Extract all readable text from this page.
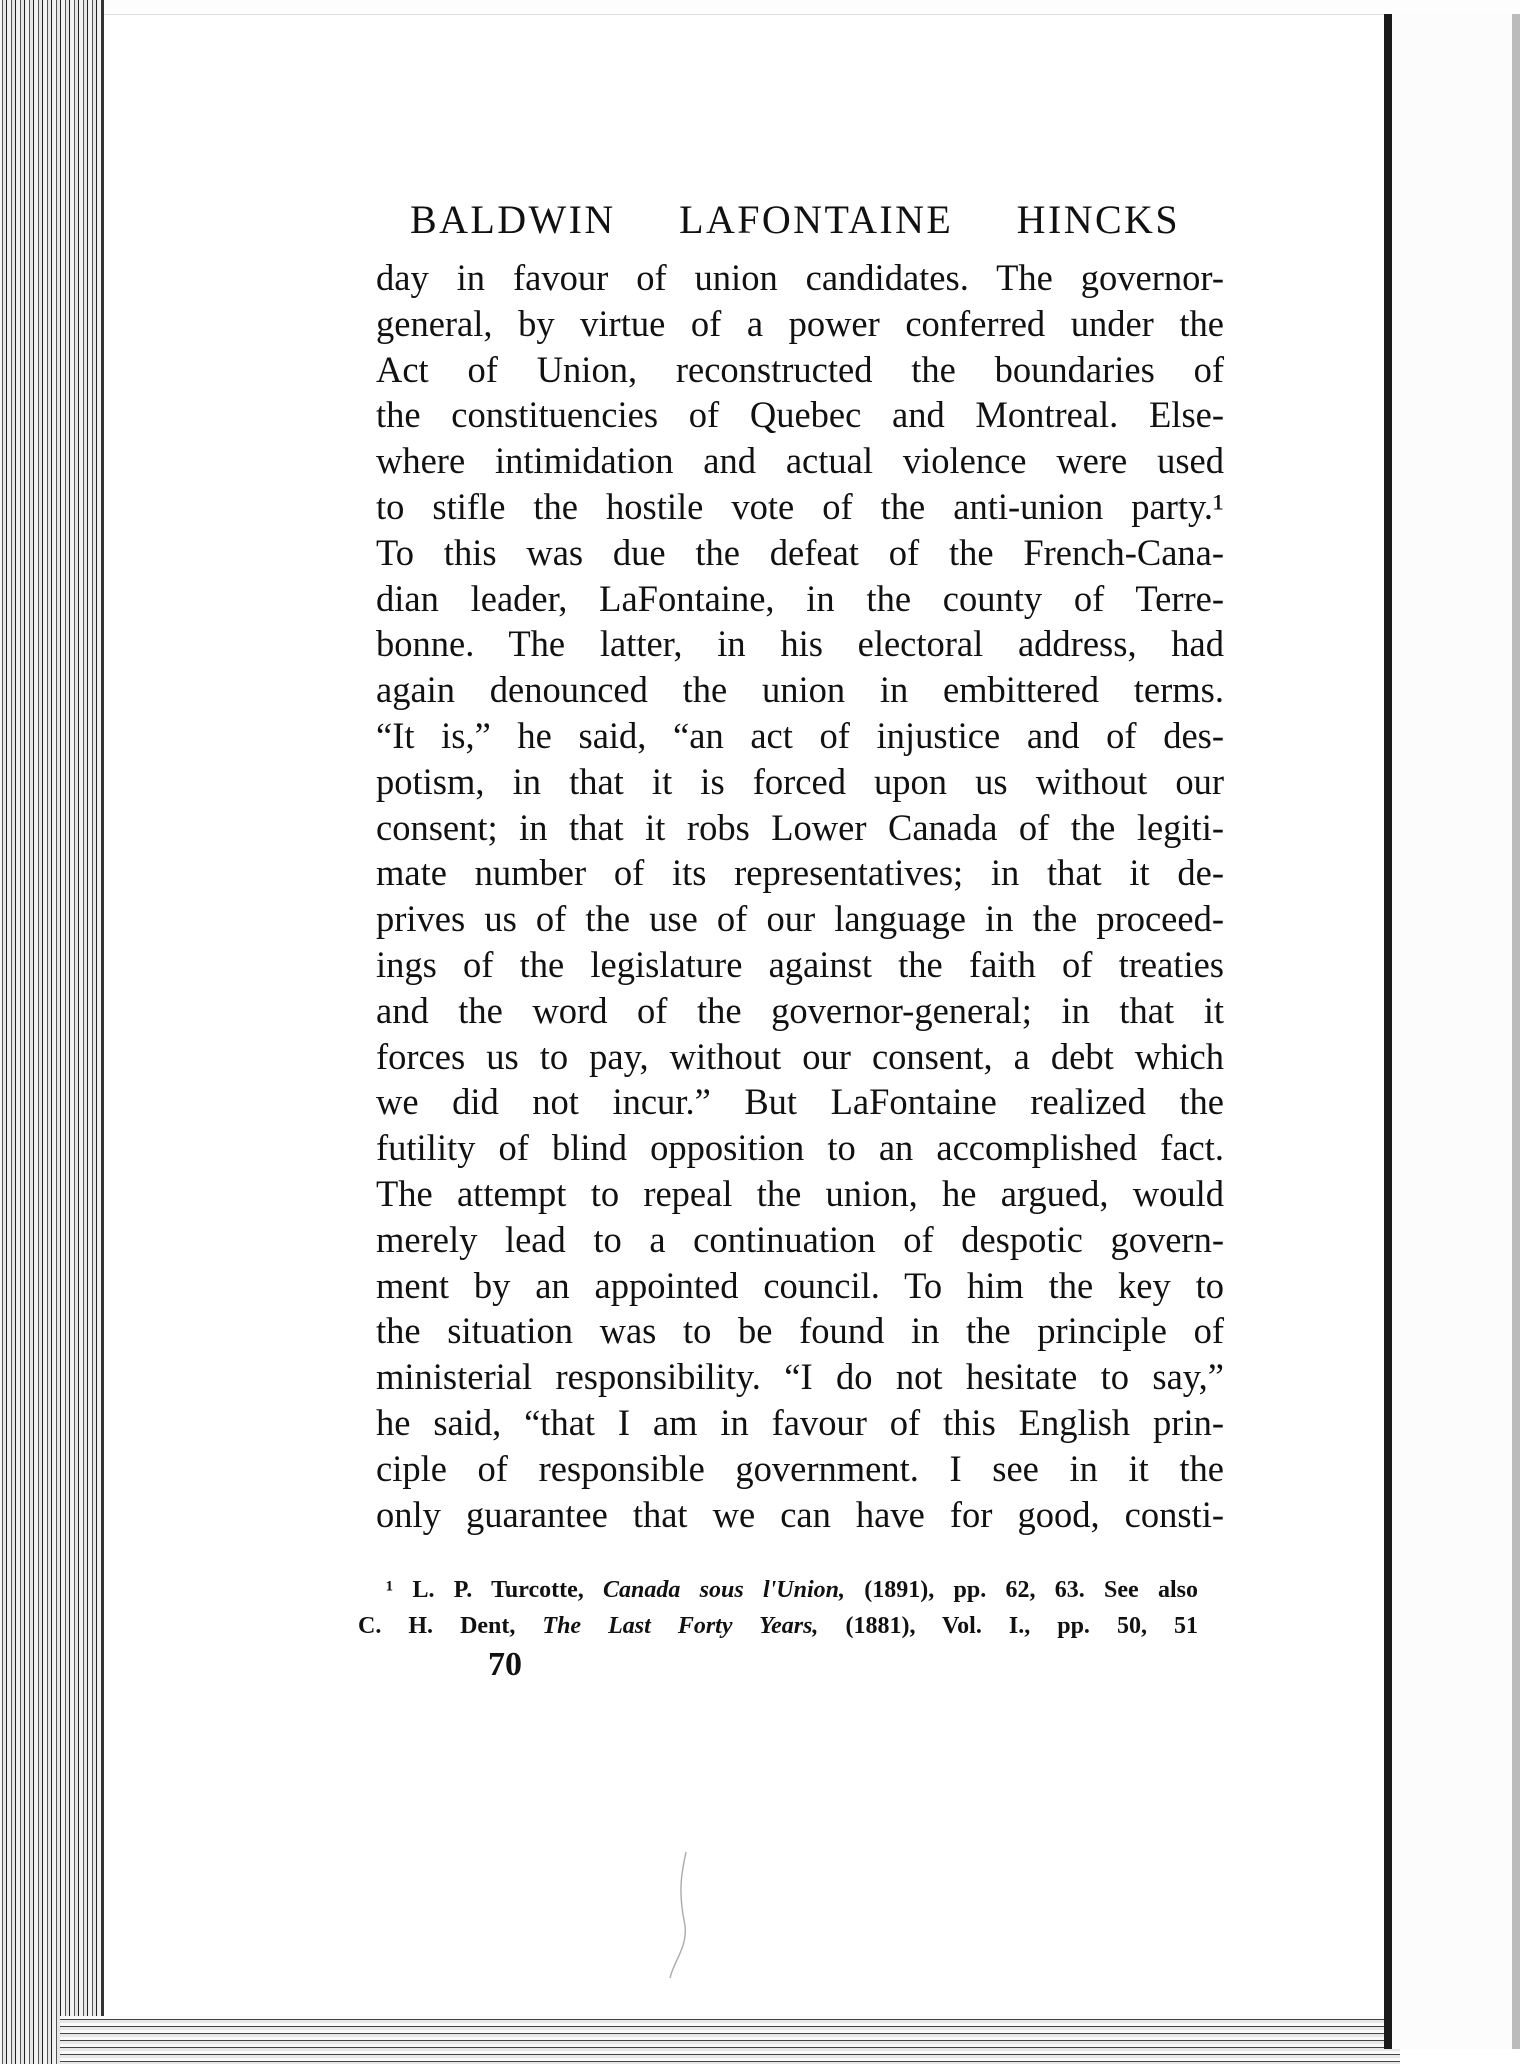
BALDWIN LAFONTAINE HINCKS
day in favour of union candidates. The governor-
general, by virtue of a power conferred under the
Act of Union, reconstructed the boundaries of
the constituencies of Quebec and Montreal. Else-
where intimidation and actual violence were used
to stifle the hostile vote of the anti-union party.¹
To this was due the defeat of the French-Cana-
dian leader, LaFontaine, in the county of Terre-
bonne. The latter, in his electoral address, had
again denounced the union in embittered terms.
“It is,” he said, “an act of injustice and of des-
potism, in that it is forced upon us without our
consent; in that it robs Lower Canada of the legiti-
mate number of its representatives; in that it de-
prives us of the use of our language in the proceed-
ings of the legislature against the faith of treaties
and the word of the governor-general; in that it
forces us to pay, without our consent, a debt which
we did not incur.” But LaFontaine realized the
futility of blind opposition to an accomplished fact.
The attempt to repeal the union, he argued, would
merely lead to a continuation of despotic govern-
ment by an appointed council. To him the key to
the situation was to be found in the principle of
ministerial responsibility. “I do not hesitate to say,”
he said, “that I am in favour of this English prin-
ciple of responsible government. I see in it the
only guarantee that we can have for good, consti-
¹ L. P. Turcotte, Canada sous l'Union, (1891), pp. 62, 63. See also
C. H. Dent, The Last Forty Years, (1881), Vol. I., pp. 50, 51

70
